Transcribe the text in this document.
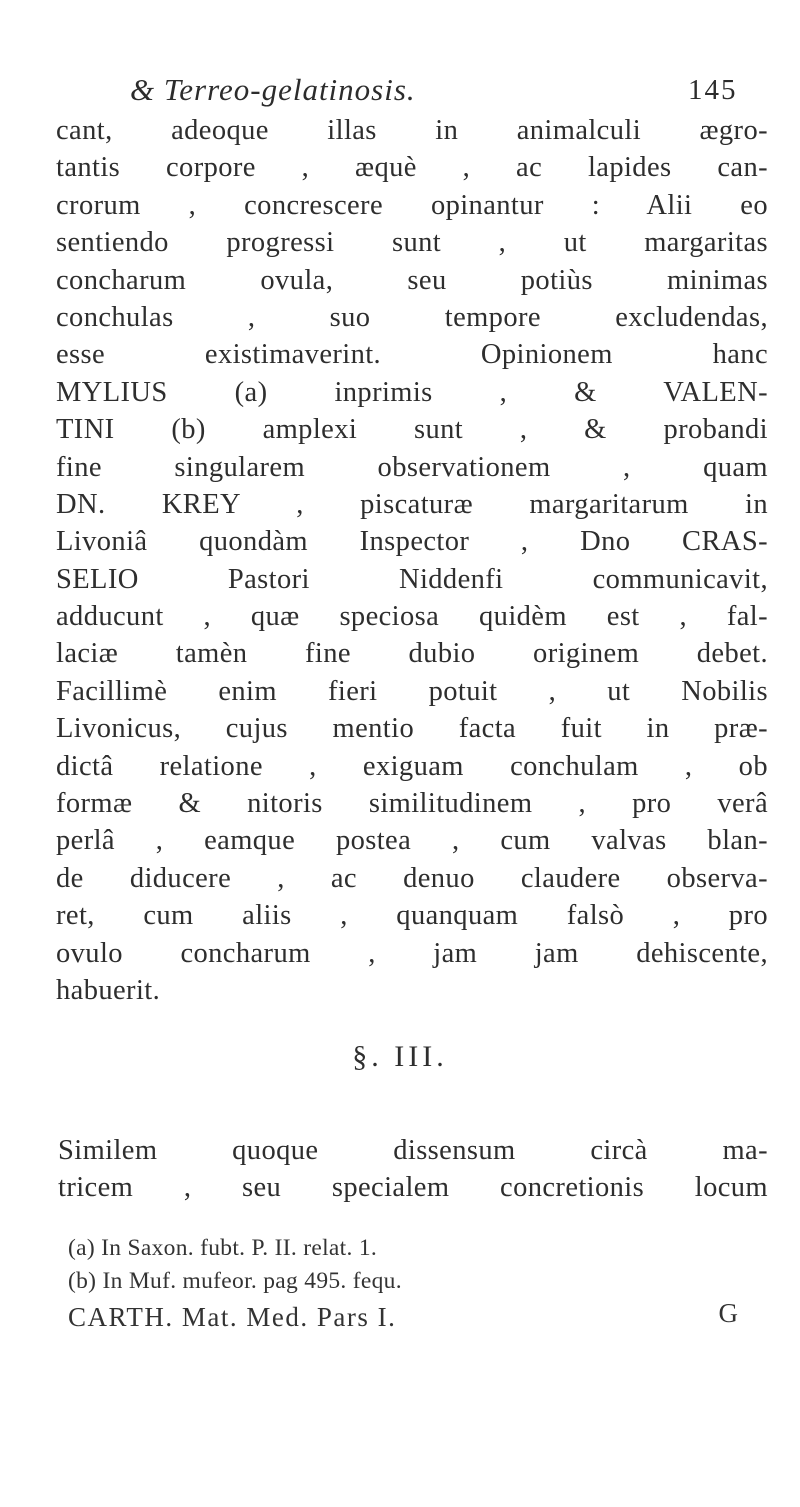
& Terreo-gelatinosis.	145
cant, adeoque illas in animalculi ægro-
tantis corpore , æquè , ac lapides can-
crorum , concrescere opinantur : Alii eo
sentiendo progressi sunt , ut margaritas
concharum ovula, seu potiùs minimas
conchulas , suo tempore excludendas,
esse existimaverint. Opinionem hanc
MYLIUS (a) inprimis , & VALEN-
TINI (b) amplexi sunt , & probandi
fine singularem observationem , quam
DN. KREY , piscaturæ margaritarum in
Livoniâ quondàm Inspector , Dno CRAS-
SELIO Pastori Niddenfi communicavit,
adducunt , quæ speciosa quidèm est , fal-
laciæ tamèn fine dubio originem debet.
Facillimè enim fieri potuit , ut Nobilis
Livonicus, cujus mentio facta fuit in præ-
dictâ relatione , exiguam conchulam , ob
formæ & nitoris similitudinem , pro verâ
perlâ , eamque postea , cum valvas blan-
de diducere , ac denuo claudere observa-
ret, cum aliis , quanquam falsò , pro
ovulo concharum , jam jam dehiscente,
habuerit.
§. III.
Similem quoque dissensum circà ma-
tricem , seu specialem concretionis locum
(a) In Saxon. fubt. P. II. relat. 1.
(b) In Muf. mufeor. pag 495. fequ.
CARTH. Mat. Med. Pars I.	G
